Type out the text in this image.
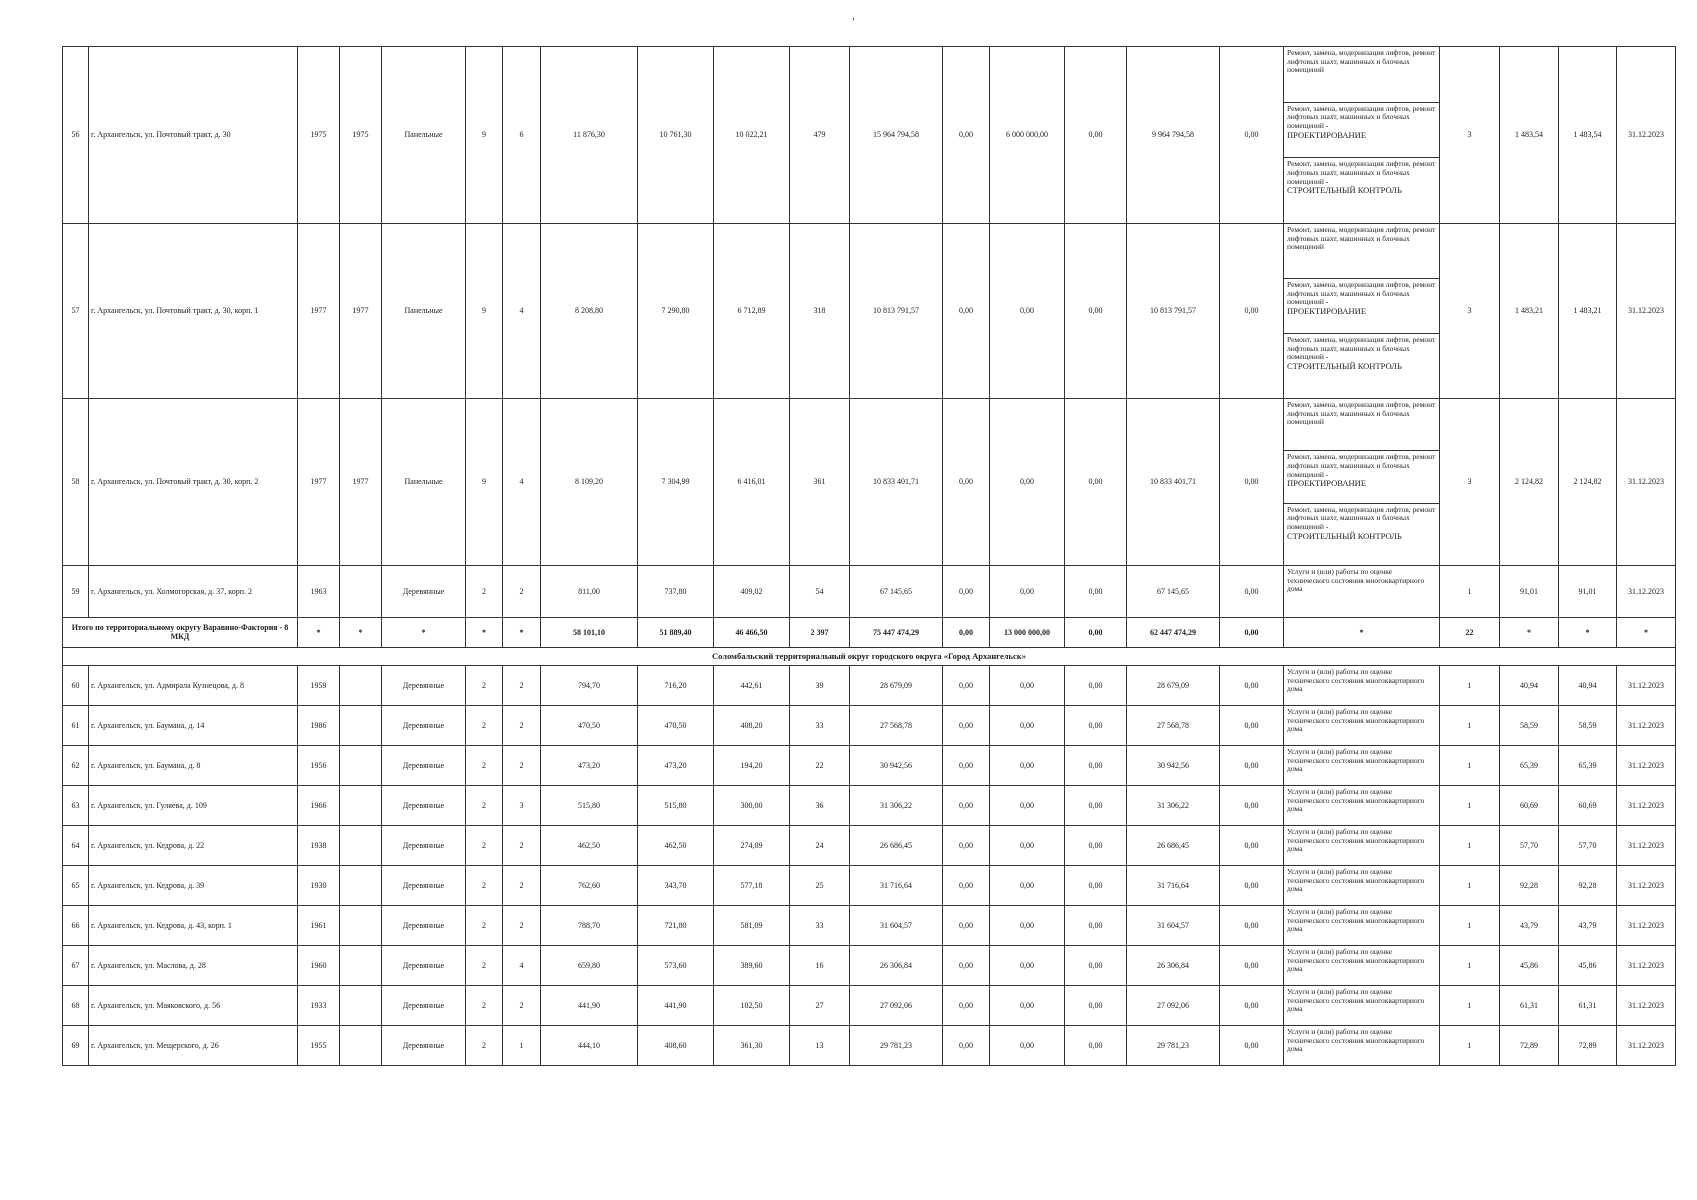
,
56	г. Архангельск, ул. Почтовый тракт, д. 30	1975	1975	Панельные	9	6	11 876,30	10 761,30	10 022,21	479	15 964 794,58	0,00	6 000 000,00	0,00	9 964 794,58	0,00	Ремонт, замена, модернизация лифтов, ремонт лифтовых шахт, машинных и блочных помещений
Ремонт, замена, модернизация лифтов, ремонт лифтовых шахт, машинных и блочных помещений -
ПРОЕКТИРОВАНИЕ
Ремонт, замена, модернизация лифтов, ремонт лифтовых шахт, машинных и блочных помещений -
СТРОИТЕЛЬНЫЙ КОНТРОЛЬ	3	1 483,54	1 483,54	31.12.2023
57	г. Архангельск, ул. Почтовый тракт, д. 30, корп. 1	1977	1977	Панельные	9	4	8 208,80	7 290,80	6 712,89	318	10 813 791,57	0,00	0,00	0,00	10 813 791,57	0,00	Ремонт, замена, модернизация лифтов, ремонт лифтовых шахт, машинных и блочных помещений
Ремонт, замена, модернизация лифтов, ремонт лифтовых шахт, машинных и блочных помещений -
ПРОЕКТИРОВАНИЕ
Ремонт, замена, модернизация лифтов, ремонт лифтовых шахт, машинных и блочных помещений -
СТРОИТЕЛЬНЫЙ КОНТРОЛЬ	3	1 483,21	1 483,21	31.12.2023
58	г. Архангельск, ул. Почтовый тракт, д. 30, корп. 2	1977	1977	Панельные	9	4	8 109,20	7 304,99	6 416,01	361	10 833 401,71	0,00	0,00	0,00	10 833 401,71	0,00	Ремонт, замена, модернизация лифтов, ремонт лифтовых шахт, машинных и блочных помещений
Ремонт, замена, модернизация лифтов, ремонт лифтовых шахт, машинных и блочных помещений -
ПРОЕКТИРОВАНИЕ
Ремонт, замена, модернизация лифтов, ремонт лифтовых шахт, машинных и блочных помещений -
СТРОИТЕЛЬНЫЙ КОНТРОЛЬ	3	2 124,82	2 124,82	31.12.2023
59	г. Архангельск, ул. Холмогорская, д. 37, корп. 2	1963		Деревянные	2	2	811,00	737,80	409,02	54	67 145,65	0,00	0,00	0,00	67 145,65	0,00	Услуги и (или) работы по оценке технического состояния многоквартирного дома	1	91,01	91,01	31.12.2023
Итого по территориальному округу Варавино-Фактория - 8 МКД		*	*	*	*	*	58 101,10	51 889,40	46 466,50	2 397	75 447 474,29	0,00	13 000 000,00	0,00	62 447 474,29	0,00	*	22	*	*	*
Соломбальский территориальный округ городского округа «Город Архангельск»																					
60	г. Архангельск, ул. Адмирала Кузнецова, д. 8	1959		Деревянные	2	2	794,70	716,20	442,61	39	28 679,09	0,00	0,00	0,00	28 679,09	0,00	Услуги и (или) работы по оценке технического состояния многоквартирного дома	1	40,94	40,94	31.12.2023
61	г. Архангельск, ул. Баумана, д. 14	1986		Деревянные	2	2	470,50	470,50	408,20	33	27 568,78	0,00	0,00	0,00	27 568,78	0,00	Услуги и (или) работы по оценке технического состояния многоквартирного дома	1	58,59	58,59	31.12.2023
62	г. Архангельск, ул. Баумана, д. 8	1956		Деревянные	2	2	473,20	473,20	194,20	22	30 942,56	0,00	0,00	0,00	30 942,56	0,00	Услуги и (или) работы по оценке технического состояния многоквартирного дома	1	65,39	65,39	31.12.2023
63	г. Архангельск, ул. Гуляева, д. 109	1966		Деревянные	2	3	515,80	515,80	300,00	36	31 306,22	0,00	0,00	0,00	31 306,22	0,00	Услуги и (или) работы по оценке технического состояния многоквартирного дома	1	60,69	60,69	31.12.2023
64	г. Архангельск, ул. Кедрова, д. 22	1938		Деревянные	2	2	462,50	462,50	274,09	24	26 686,45	0,00	0,00	0,00	26 686,45	0,00	Услуги и (или) работы по оценке технического состояния многоквартирного дома	1	57,70	57,70	31.12.2023
65	г. Архангельск, ул. Кедрова, д. 39	1930		Деревянные	2	2	762,60	343,70	577,18	25	31 716,64	0,00	0,00	0,00	31 716,64	0,00	Услуги и (или) работы по оценке технического состояния многоквартирного дома	1	92,28	92,28	31.12.2023
66	г. Архангельск, ул. Кедрова, д. 43, корп. 1	1961		Деревянные	2	2	788,70	721,80	581,09	33	31 604,57	0,00	0,00	0,00	31 604,57	0,00	Услуги и (или) работы по оценке технического состояния многоквартирного дома	1	43,79	43,79	31.12.2023
67	г. Архангельск, ул. Маслова, д. 28	1960		Деревянные	2	4	659,80	573,60	389,60	16	26 306,84	0,00	0,00	0,00	26 306,84	0,00	Услуги и (или) работы по оценке технического состояния многоквартирного дома	1	45,86	45,86	31.12.2023
68	г. Архангельск, ул. Маяковского, д. 56	1933		Деревянные	2	2	441,90	441,90	102,50	27	27 092,06	0,00	0,00	0,00	27 092,06	0,00	Услуги и (или) работы по оценке технического состояния многоквартирного дома	1	61,31	61,31	31.12.2023
69	г. Архангельск, ул. Мещерского, д. 26	1955		Деревянные	2	1	444,10	408,60	361,30	13	29 781,23	0,00	0,00	0,00	29 781,23	0,00	Услуги и (или) работы по оценке технического состояния многоквартирного дома	1	72,89	72,89	31.12.2023
